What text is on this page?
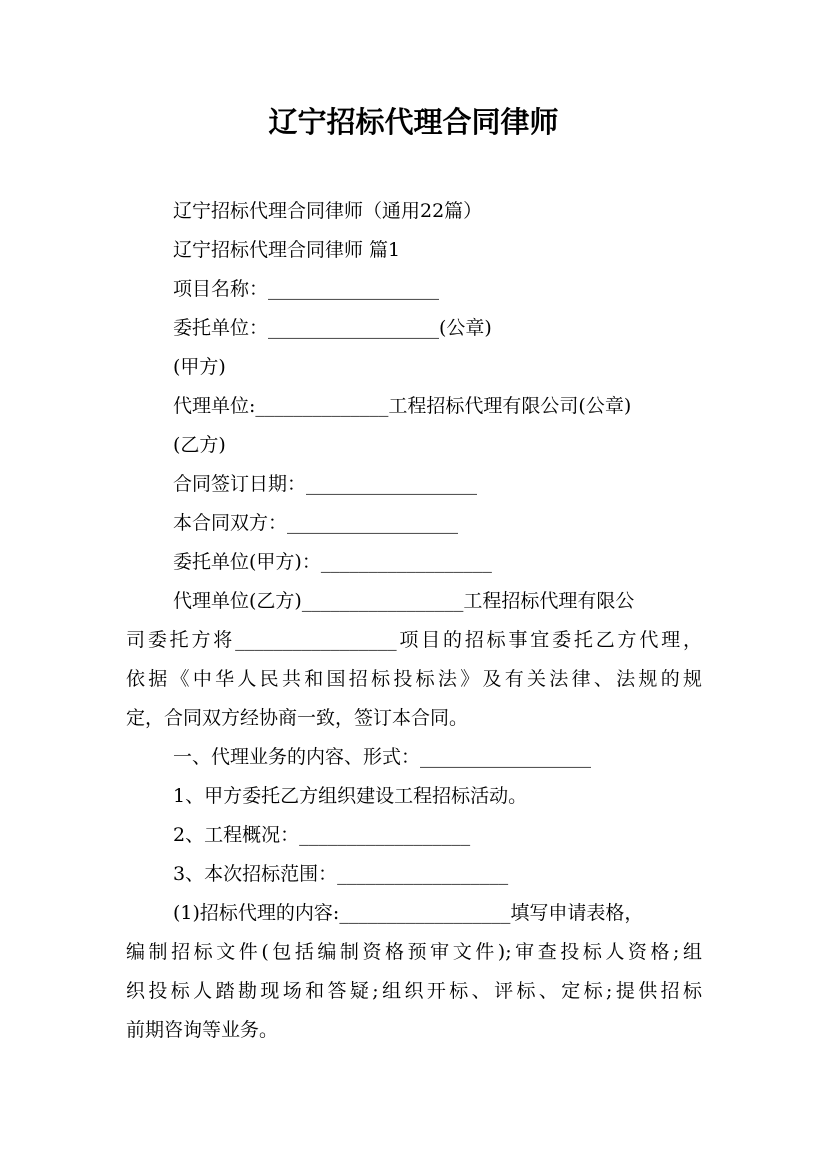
辽宁招标代理合同律师
辽宁招标代理合同律师（通用22篇）
辽宁招标代理合同律师 篇1
项目名称：__________________
委托单位：__________________(公章)
(甲方)
代理单位:______________工程招标代理有限公司(公章)
(乙方)
合同签订日期：__________________
本合同双方：__________________
委托单位(甲方)：__________________
代理单位(乙方)_________________工程招标代理有限公
司委托方将_________________项目的招标事宜委托乙方代理，
依据《中华人民共和国招标投标法》及有关法律、法规的规
定，合同双方经协商一致，签订本合同。
一、代理业务的内容、形式：__________________
1、甲方委托乙方组织建设工程招标活动。
2、工程概况：__________________
3、本次招标范围：__________________
(1)招标代理的内容:__________________填写申请表格，
编制招标文件(包括编制资格预审文件);审查投标人资格;组
织投标人踏勘现场和答疑;组织开标、评标、定标;提供招标
前期咨询等业务。
